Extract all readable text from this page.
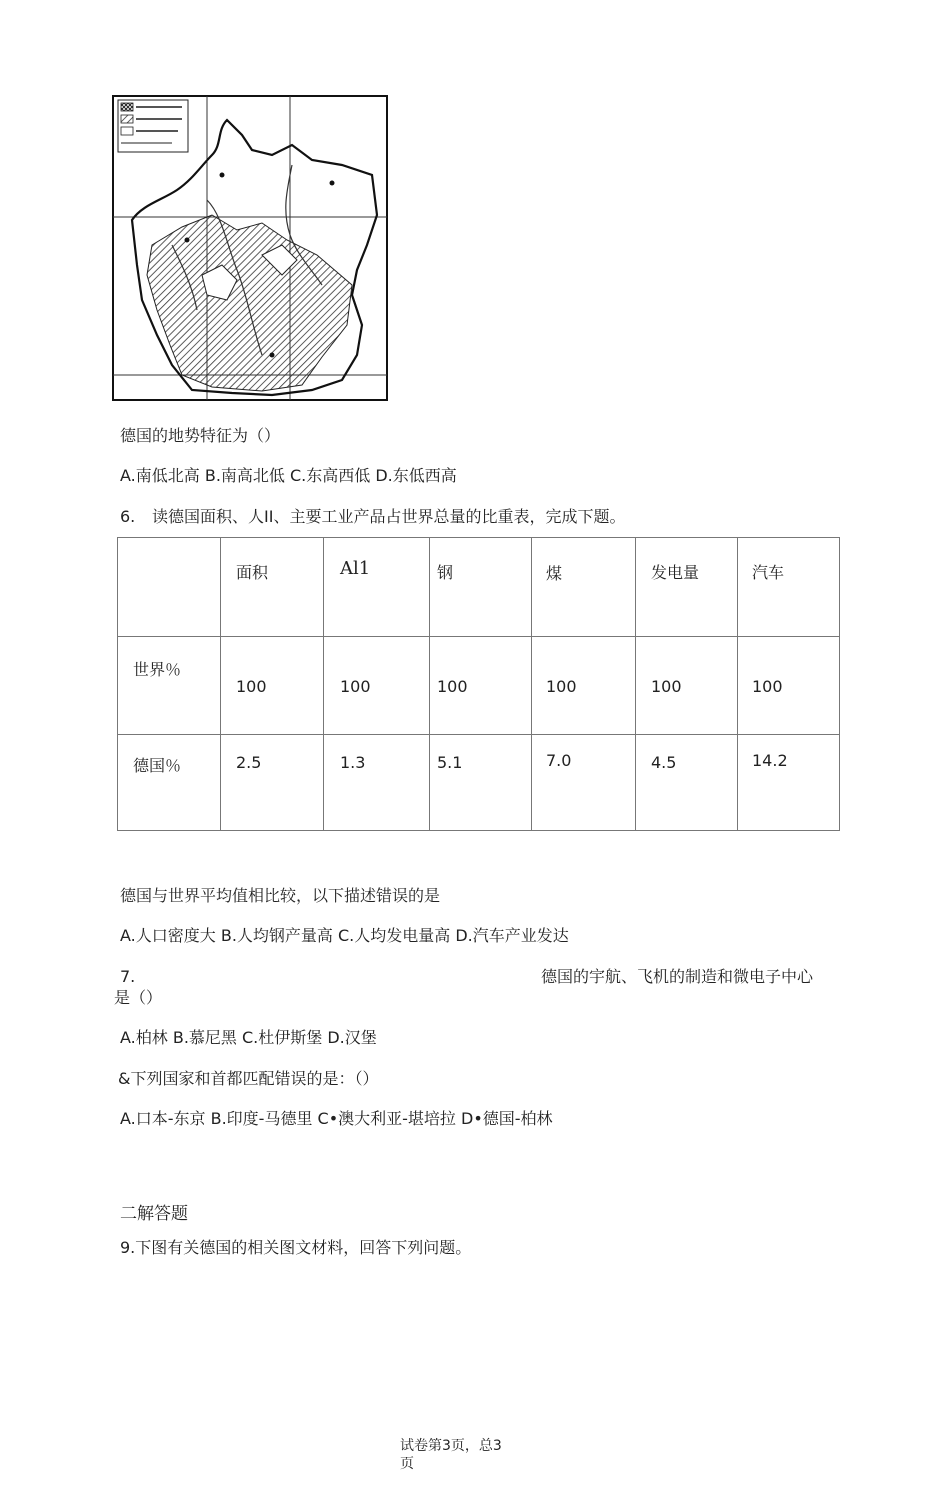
德国的地势特征为（）
A.南低北高 B.南高北低 C.东高西低 D.东低西高
6. 读德国面积、人II、主要工业产品占世界总量的比重表，完成下题。

	面积	Al1	钢	煤	发电量	汽车

世界％	100	100	100	100	100	100

德国％	2.5	1.3	5.1	7.0	4.5	14.2
德国与世界平均值相比较，以下描述错误的是
A.人口密度大 B.人均钢产量高 C.人均发电量高 D.汽车产业发达
7.	德国的宇航、飞机的制造和微电子中心
是（）
A.柏林 B.慕尼黑 C.杜伊斯堡 D.汉堡
&下列国家和首都匹配错误的是：（）
A.口本-东京 B.印度-马德里 C•澳大利亚-堪培拉 D•德国-柏林
二解答题
9.下图有关德国的相关图文材料，回答下列问题。
试卷第3页，总3
页
